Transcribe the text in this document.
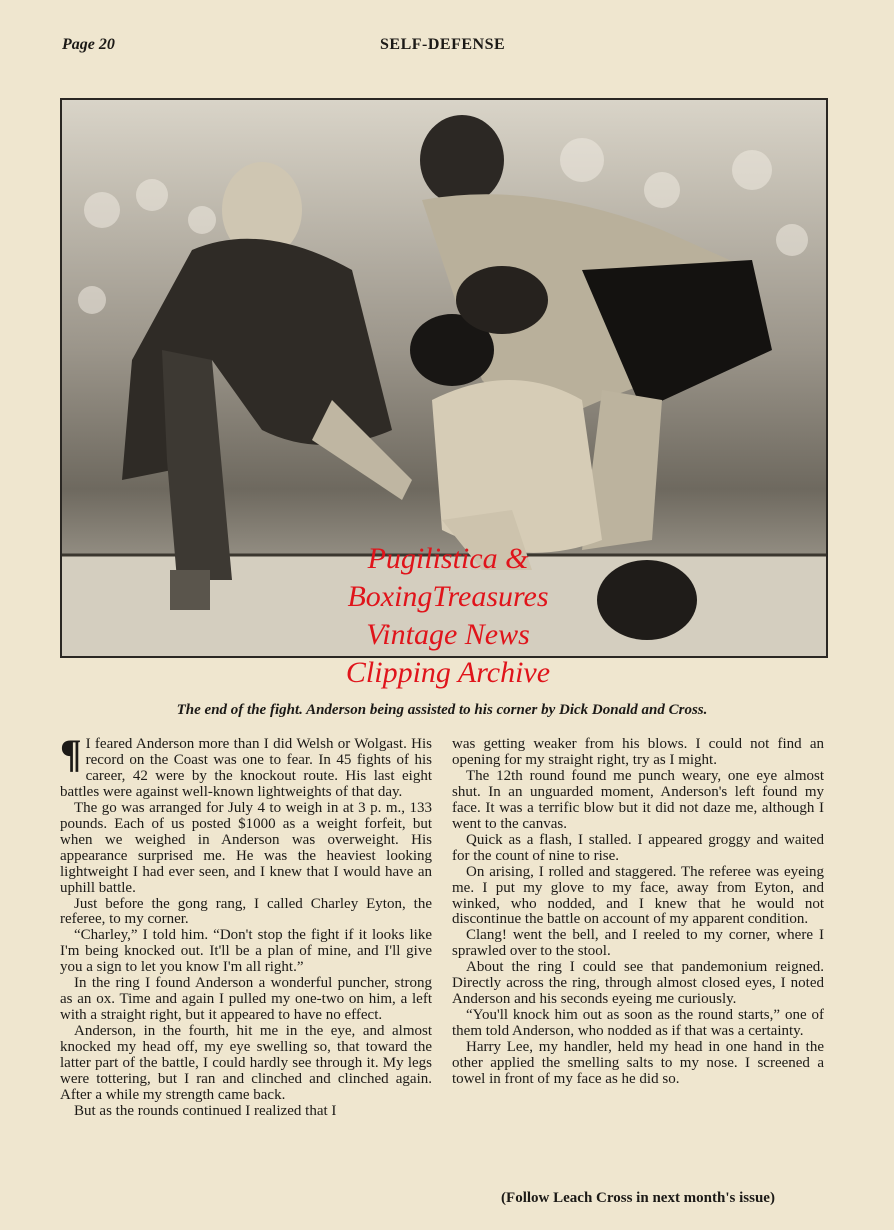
Page 20	SELF-DEFENSE
Pugilistica &
BoxingTreasures
Vintage News
Clipping Archive
The end of the fight. Anderson being assisted to his corner by Dick Donald and Cross.

¶ I feared Anderson more than I did Welsh or Wolgast. His record on the Coast was one to fear. In 45 fights of his career, 42 were by the knockout route. His last eight battles were against well-known lightweights of that day.

The go was arranged for July 4 to weigh in at 3 p. m., 133 pounds. Each of us posted $1000 as a weight forfeit, but when we weighed in Anderson was overweight. His appearance surprised me. He was the heaviest looking lightweight I had ever seen, and I knew that I would have an uphill battle.

Just before the gong rang, I called Charley Eyton, the referee, to my corner.

“Charley,” I told him. “Don't stop the fight if it looks like I'm being knocked out. It'll be a plan of mine, and I'll give you a sign to let you know I'm all right.”

In the ring I found Anderson a wonderful puncher, strong as an ox. Time and again I pulled my one-two on him, a left with a straight right, but it appeared to have no effect.

Anderson, in the fourth, hit me in the eye, and almost knocked my head off, my eye swelling so, that toward the latter part of the battle, I could hardly see through it. My legs were tottering, but I ran and clinched and clinched again. After a while my strength came back.

But as the rounds continued I realized that I

was getting weaker from his blows. I could not find an opening for my straight right, try as I might.

The 12th round found me punch weary, one eye almost shut. In an unguarded moment, Anderson's left found my face. It was a terrific blow but it did not daze me, although I went to the canvas.

Quick as a flash, I stalled. I appeared groggy and waited for the count of nine to rise.

On arising, I rolled and staggered. The referee was eyeing me. I put my glove to my face, away from Eyton, and winked, who nodded, and I knew that he would not discontinue the battle on account of my apparent condition.

Clang! went the bell, and I reeled to my corner, where I sprawled over to the stool.

About the ring I could see that pandemonium reigned. Directly across the ring, through almost closed eyes, I noted Anderson and his seconds eyeing me curiously.

“You'll knock him out as soon as the round starts,” one of them told Anderson, who nodded as if that was a certainty.

Harry Lee, my handler, held my head in one hand in the other applied the smelling salts to my nose. I screened a towel in front of my face as he did so.

(Follow Leach Cross in next month's issue)
